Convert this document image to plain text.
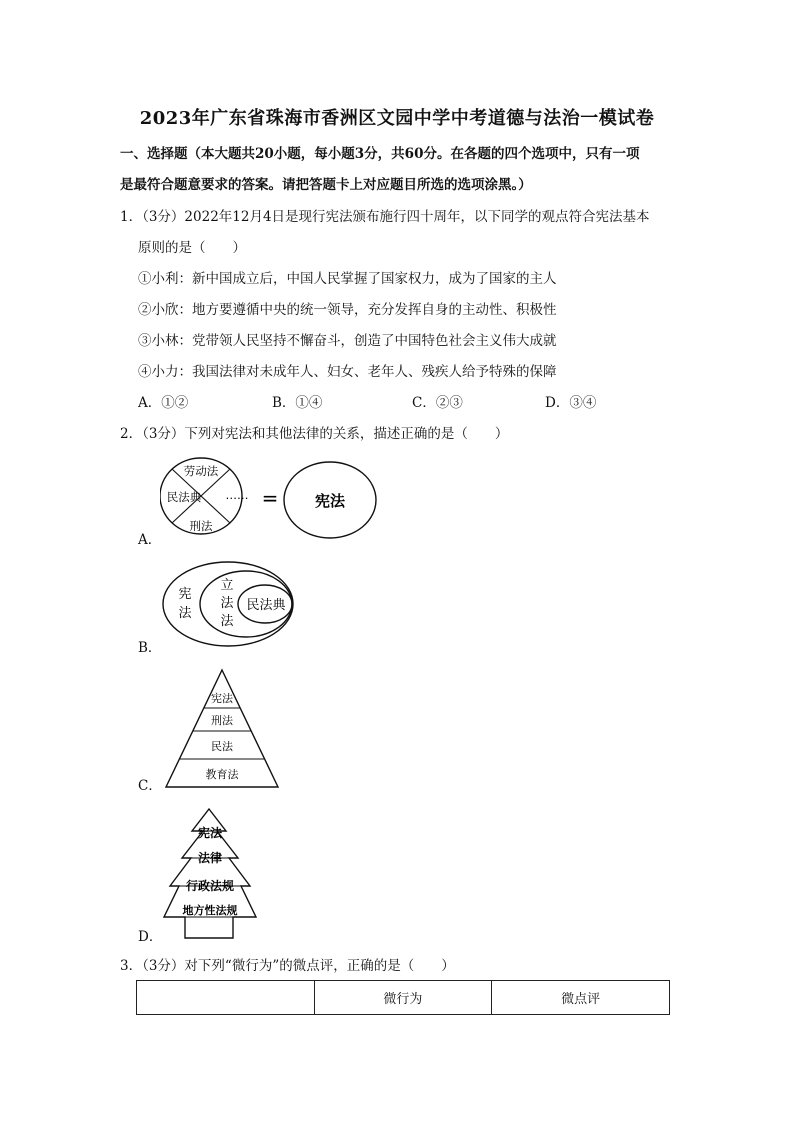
2023年广东省珠海市香洲区文园中学中考道德与法治一模试卷
一、选择题（本大题共20小题，每小题3分，共60分。在各题的四个选项中，只有一项
是最符合题意要求的答案。请把答题卡上对应题目所选的选项涂黑。）
1．（3分）2022年12月4日是现行宪法颁布施行四十周年，以下同学的观点符合宪法基本
原则的是（　　）
①小利：新中国成立后，中国人民掌握了国家权力，成为了国家的主人
②小欣：地方要遵循中央的统一领导，充分发挥自身的主动性、积极性
③小林：党带领人民坚持不懈奋斗，创造了中国特色社会主义伟大成就
④小力：我国法律对未成年人、妇女、老年人、残疾人给予特殊的保障
A．①②	B．①④	C．②③	D．③④
2．（3分）下列对宪法和其他法律的关系，描述正确的是（　　）
劳动法
民法典 ……
刑法
= 宪法
A．
宪
法
立
法
法
民法典
B．
宪法
刑法
民法
教育法
C．
宪法
法律
行政法规
地方性法规
D．
3．（3分）对下列“微行为”的微点评，正确的是（　　）
	微行为	微点评
